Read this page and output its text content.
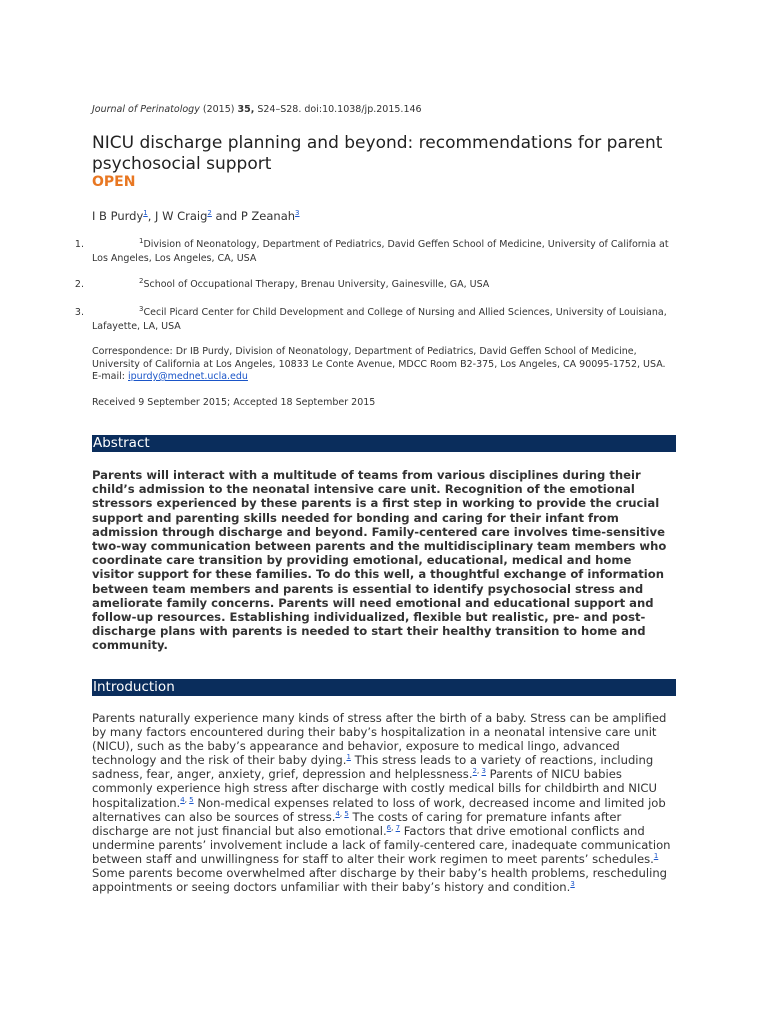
Journal of Perinatology (2015) 35, S24–S28. doi:10.1038/jp.2015.146
NICU discharge planning and beyond: recommendations for parent psychosocial support
OPEN
I B Purdy$^1$, J W Craig$^2$ and P Zeanah$^3$
1.	$^1$Division of Neonatology, Department of Pediatrics, David Geffen School of Medicine, University of California at Los Angeles, Los Angeles, CA, USA
2.	$^2$School of Occupational Therapy, Brenau University, Gainesville, GA, USA
3.	$^3$Cecil Picard Center for Child Development and College of Nursing and Allied Sciences, University of Louisiana, Lafayette, LA, USA
Correspondence: Dr IB Purdy, Division of Neonatology, Department of Pediatrics, David Geffen School of Medicine, University of California at Los Angeles, 10833 Le Conte Avenue, MDCC Room B2-375, Los Angeles, CA 90095-1752, USA. E-mail: ipurdy@mednet.ucla.edu
Received 9 September 2015; Accepted 18 September 2015
Abstract

Parents will interact with a multitude of teams from various disciplines during their child’s admission to the neonatal intensive care unit. Recognition of the emotional stressors experienced by these parents is a first step in working to provide the crucial support and parenting skills needed for bonding and caring for their infant from admission through discharge and beyond. Family-centered care involves time-sensitive two-way communication between parents and the multidisciplinary team members who coordinate care transition by providing emotional, educational, medical and home visitor support for these families. To do this well, a thoughtful exchange of information between team members and parents is essential to identify psychosocial stress and ameliorate family concerns. Parents will need emotional and educational support and follow-up resources. Establishing individualized, flexible but realistic, pre- and post-discharge plans with parents is needed to start their healthy transition to home and community.

Introduction

Parents naturally experience many kinds of stress after the birth of a baby. Stress can be amplified by many factors encountered during their baby’s hospitalization in a neonatal intensive care unit (NICU), such as the baby’s appearance and behavior, exposure to medical lingo, advanced technology and the risk of their baby dying.$^1$ This stress leads to a variety of reactions, including sadness, fear, anger, anxiety, grief, depression and helplessness.$^{2, 3}$ Parents of NICU babies commonly experience high stress after discharge with costly medical bills for childbirth and NICU hospitalization.$^{4, 5}$ Non-medical expenses related to loss of work, decreased income and limited job alternatives can also be sources of stress.$^{4, 5}$ The costs of caring for premature infants after discharge are not just financial but also emotional.$^{6, 7}$ Factors that drive emotional conflicts and undermine parents’ involvement include a lack of family-centered care, inadequate communication between staff and unwillingness for staff to alter their work regimen to meet parents’ schedules.$^1$ Some parents become overwhelmed after discharge by their baby’s health problems, rescheduling appointments or seeing doctors unfamiliar with their baby’s history and condition.$^3$
